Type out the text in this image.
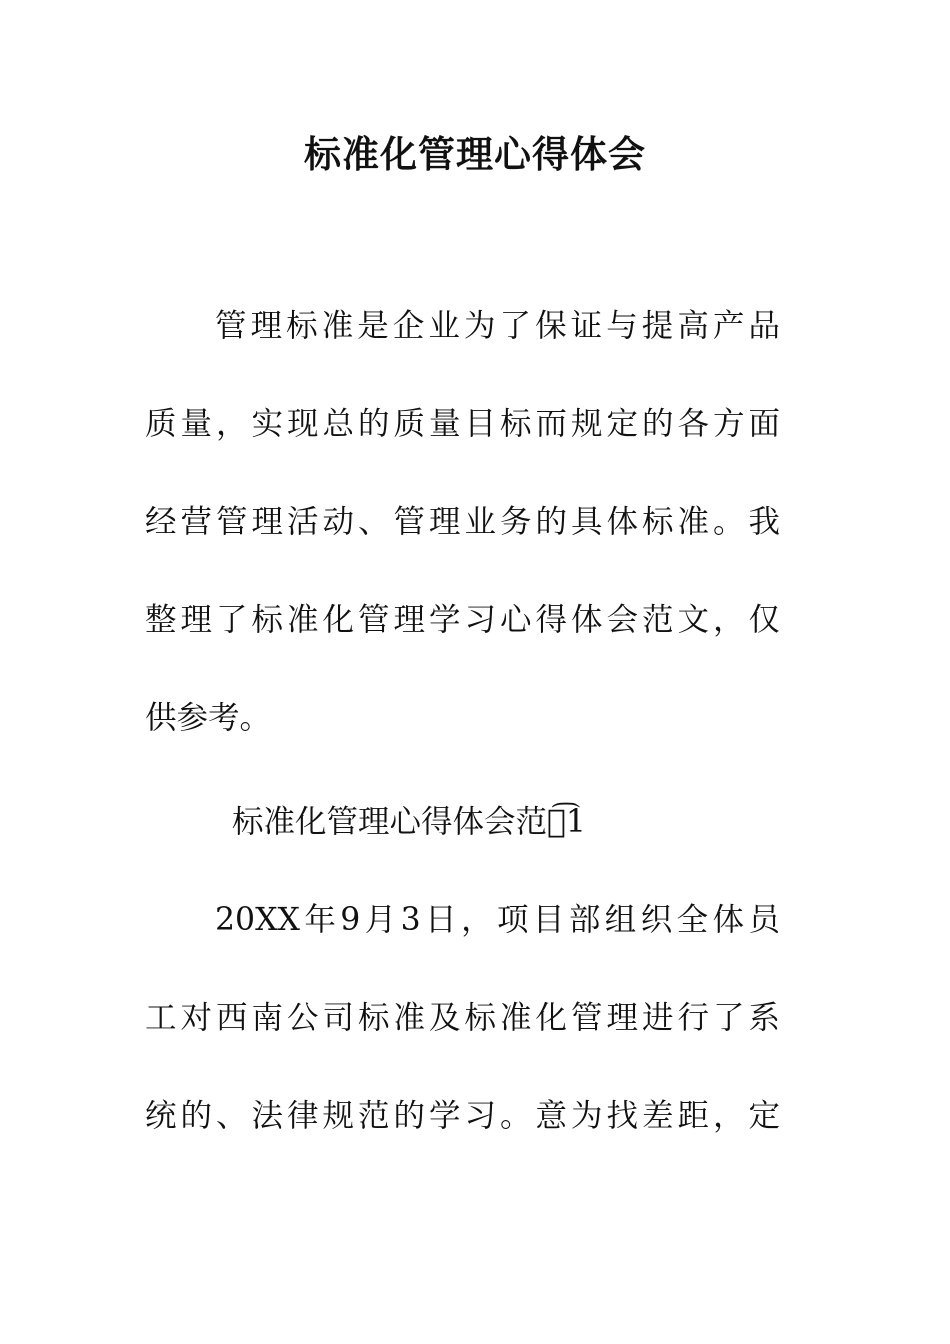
标准化管理心得体会
管理标准是企业为了保证与提高产品
质量，实现总的质量目标而规定的各方面
经营管理活动、管理业务的具体标准。我
整理了标准化管理学习心得体会范文，仅
供参考。
标准化管理心得体会范文͡1
20XX年9月3日，项目部组织全体员
工对西南公司标准及标准化管理进行了系
统的、法律规范的学习。意为找差距，定
